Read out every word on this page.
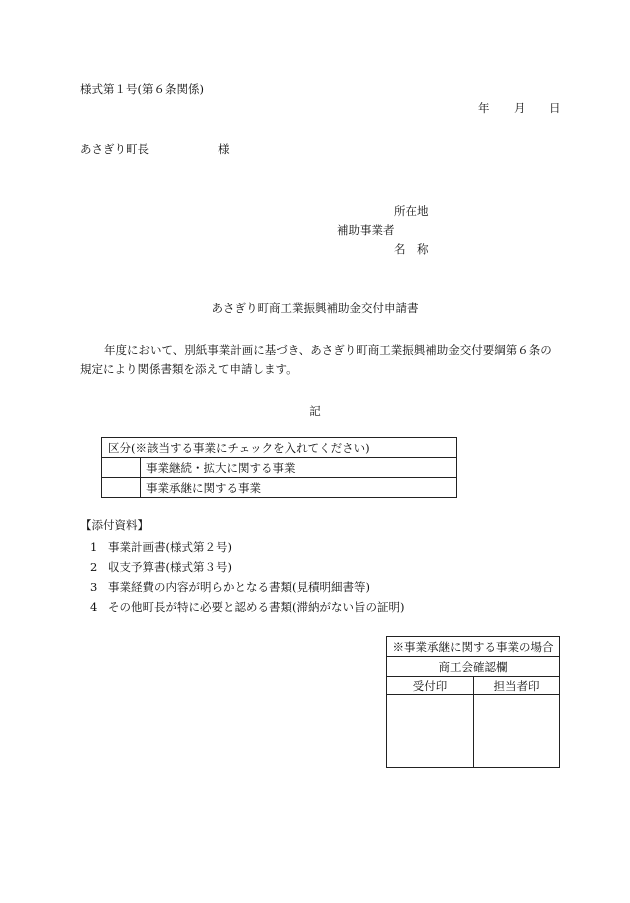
様式第１号(第６条関係)
年 月 日
あさぎり町長	様
所在地
補助事業者
名　称
あさぎり町商工業振興補助金交付申請書
年度において、別紙事業計画に基づき、あさぎり町商工業振興補助金交付要綱第６条の
規定により関係書類を添えて申請します。
記
区分(※該当する事業にチェックを入れてください)	
	事業継続・拡大に関する事業
	事業承継に関する事業
【添付資料】
1 事業計画書(様式第２号)
2 収支予算書(様式第３号)
3 事業経費の内容が明らかとなる書類(見積明細書等)
4 その他町長が特に必要と認める書類(滞納がない旨の証明)
※事業承継に関する事業の場合	
商工会確認欄	
受付印	担当者印
